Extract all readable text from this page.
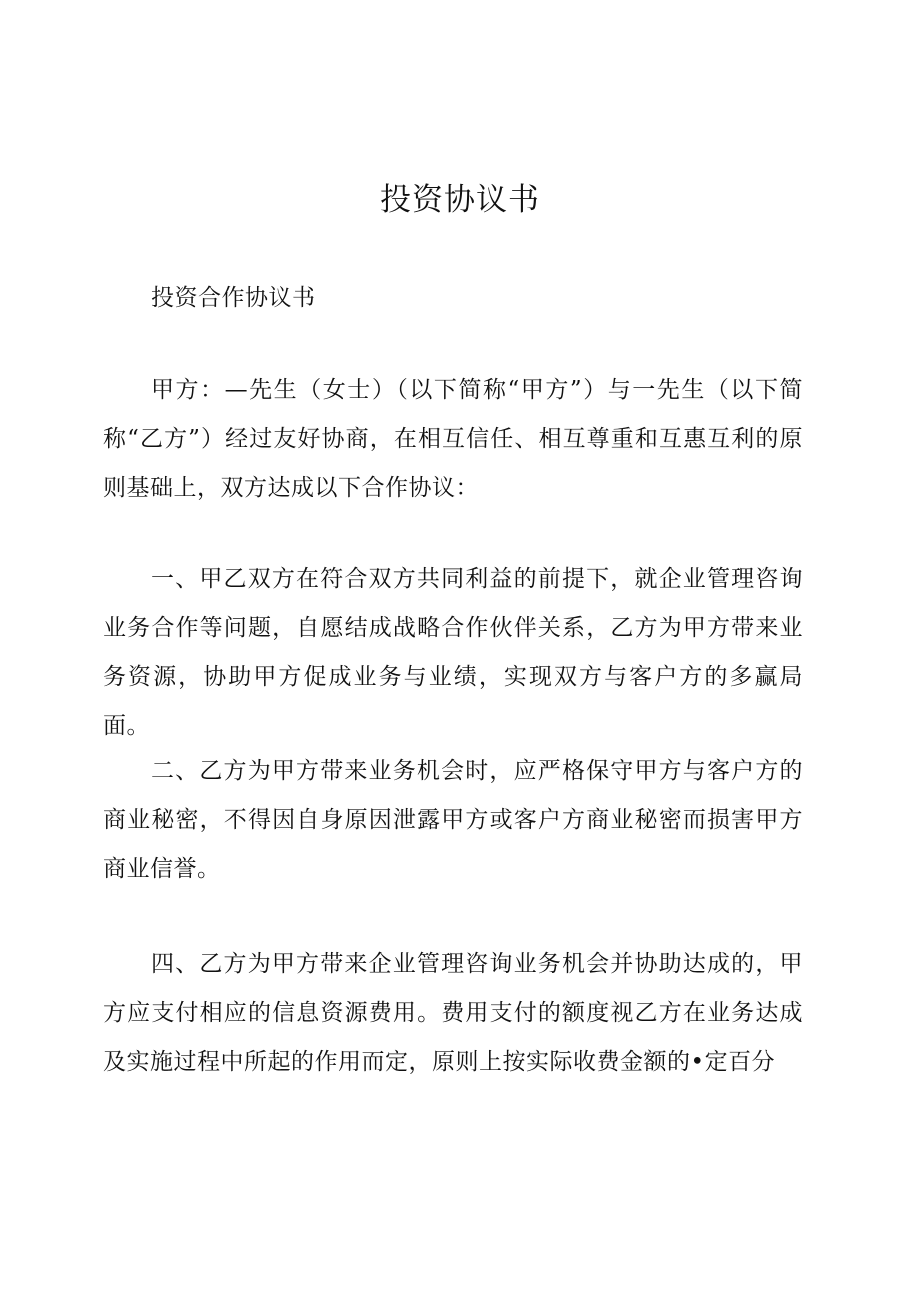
投资协议书

投资合作协议书

甲方：—先生（女士）（以下简称“甲方”）与一先生（以下简称“乙方”）经过友好协商，在相互信任、相互尊重和互惠互利的原则基础上，双方达成以下合作协议：

一、甲乙双方在符合双方共同利益的前提下，就企业管理咨询业务合作等问题，自愿结成战略合作伙伴关系，乙方为甲方带来业务资源，协助甲方促成业务与业绩，实现双方与客户方的多赢局面。

二、乙方为甲方带来业务机会时，应严格保守甲方与客户方的商业秘密，不得因自身原因泄露甲方或客户方商业秘密而损害甲方商业信誉。

四、乙方为甲方带来企业管理咨询业务机会并协助达成的，甲方应支付相应的信息资源费用。费用支付的额度视乙方在业务达成及实施过程中所起的作用而定，原则上按实际收费金额的•定百分
